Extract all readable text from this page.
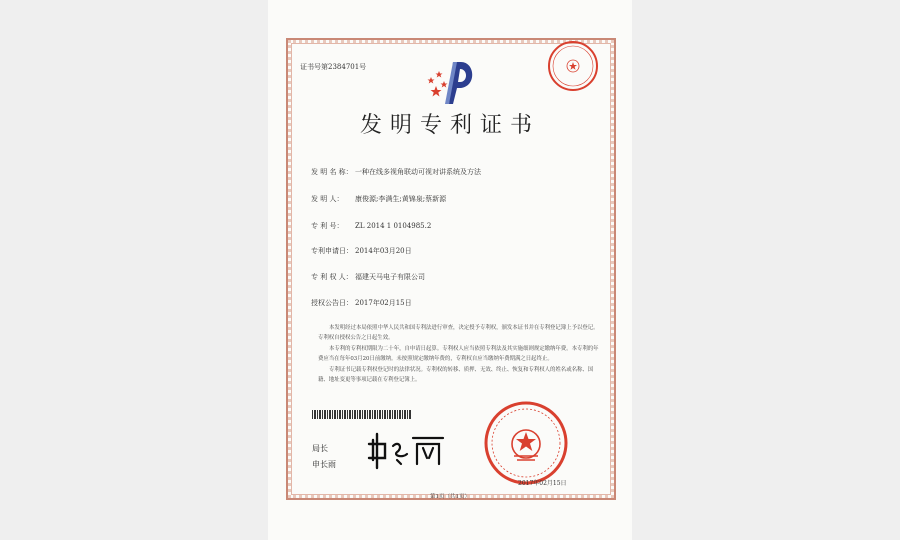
证书号第2384701号
发明专利证书
发 明 名 称： 一种在线多视角联动可视对讲系统及方法
发 明 人： 康俊源;李满生;黄锦泉;蔡新源
专 利 号： ZL 2014 1 0104985.2
专利申请日： 2014年03月20日
专 利 权 人： 福建天马电子有限公司
授权公告日： 2017年02月15日

本发明经过本局依照中华人民共和国专利法进行审查，决定授予专利权，颁发本证书并在专利登记簿上予以登记。专利权自授权公告之日起生效。

本专利的专利权期限为二十年，自申请日起算。专利权人应当依照专利法及其实施细则规定缴纳年费。本专利的年费应当在每年03月20日前缴纳。未按照规定缴纳年费的，专利权自应当缴纳年费期满之日起终止。

专利证书记载专利权登记时的法律状况。专利权的转移、质押、无效、终止、恢复和专利权人的姓名或名称、国籍、地址变更等事项记载在专利登记簿上。

局长
申长雨
2017年02月15日
第1页（共1页）
